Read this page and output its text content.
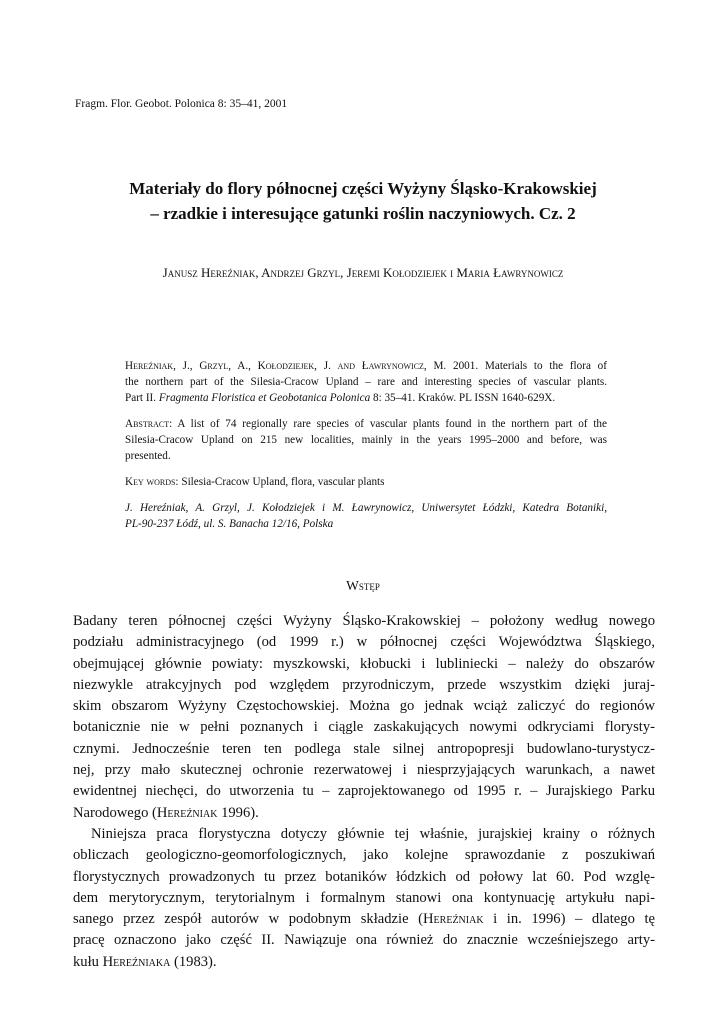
Fragm. Flor. Geobot. Polonica 8: 35–41, 2001
Materiały do flory północnej części Wyżyny Śląsko-Krakowskiej
– rzadkie i interesujące gatunki roślin naczyniowych. Cz. 2
Janusz Hereźniak, Andrzej Grzyl, Jeremi Kołodziejek i Maria Ławrynowicz

Hereźniak, J., Grzyl, A., Kołodziejek, J. and Ławrynowicz, M. 2001. Materials to the flora of
the northern part of the Silesia-Cracow Upland – rare and interesting species of vascular plants.
Part II. Fragmenta Floristica et Geobotanica Polonica 8: 35–41. Kraków. PL ISSN 1640-629X.

Abstract: A list of 74 regionally rare species of vascular plants found in the northern part of the
Silesia-Cracow Upland on 215 new localities, mainly in the years 1995–2000 and before, was
presented.

Key words: Silesia-Cracow Upland, flora, vascular plants

J. Hereźniak, A. Grzyl, J. Kołodziejek i M. Ławrynowicz, Uniwersytet Łódzki, Katedra Botaniki,
PL-90-237 Łódź, ul. S. Banacha 12/16, Polska

Wstęp

Badany teren północnej części Wyżyny Śląsko-Krakowskiej – położony według nowego
podziału administracyjnego (od 1999 r.) w północnej części Województwa Śląskiego,
obejmującej głównie powiaty: myszkowski, kłobucki i lubliniecki – należy do obszarów
niezwykle atrakcyjnych pod względem przyrodniczym, przede wszystkim dzięki juraj-
skim obszarom Wyżyny Częstochowskiej. Można go jednak wciąż zaliczyć do regionów
botanicznie nie w pełni poznanych i ciągle zaskakujących nowymi odkryciami florysty-
cznymi. Jednocześnie teren ten podlega stale silnej antropopresji budowlano-turystycz-
nej, przy mało skutecznej ochronie rezerwatowej i niesprzyjających warunkach, a nawet
ewidentnej niechęci, do utworzenia tu – zaprojektowanego od 1995 r. – Jurajskiego Parku
Narodowego (Hereźniak 1996).

Niniejsza praca florystyczna dotyczy głównie tej właśnie, jurajskiej krainy o różnych
obliczach geologiczno-geomorfologicznych, jako kolejne sprawozdanie z poszukiwań
florystycznych prowadzonych tu przez botaników łódzkich od połowy lat 60. Pod wzglę-
dem merytorycznym, terytorialnym i formalnym stanowi ona kontynuację artykułu napi-
sanego przez zespół autorów w podobnym składzie (Hereźniak i in. 1996) – dlatego tę
pracę oznaczono jako część II. Nawiązuje ona również do znacznie wcześniejszego arty-
kułu Hereźniaka (1983).
